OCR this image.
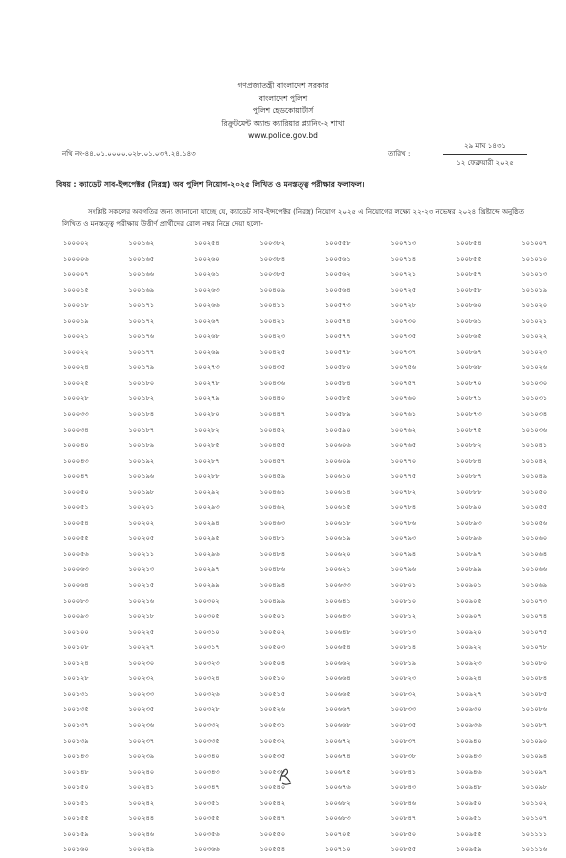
গণপ্রজাতন্ত্রী বাংলাদেশ সরকার
বাংলাদেশ পুলিশ
পুলিশ হেডকোয়ার্টার্স
রিক্রুটমেন্ট অ্যান্ড ক্যারিয়ার প্ল্যানিং-২ শাখা
www.police.gov.bd
নথি নং-৪৪.০১.০০০০.০২৮.০১.০৩৭.২৪.১৪৩	তারিখ :
২৯ মাঘ ১৪৩১
১২ ফেব্রুয়ারী ২০২৫
বিষয় : ক্যাডেট সাব-ইন্সপেক্টর (নিরস্ত্র) অব পুলিশ নিয়োগ-২০২৫ লিখিত ও মনস্তত্ত্ব পরীক্ষার ফলাফল।
সংশ্লিষ্ট সকলের অবগতির জন্য জানানো যাচ্ছে যে, ক্যাডেট সাব-ইন্সপেক্টর (নিরস্ত্র) নিয়োগ ২০২৫ এ নিয়োগের লক্ষ্যে ২২-২৩ নভেম্বর ২০২৪ খ্রিষ্টাব্দে অনুষ্ঠিত লিখিত ও মনস্তত্ত্ব পরীক্ষায় উত্তীর্ণ প্রার্থীদের রোল নম্বর নিম্নে দেয়া হলো-
১০০০০২
১০০০০৬
১০০০০৭
১০০০১৫
১০০০১৮
১০০০১৯
১০০০২১
১০০০২২
১০০০২৪
১০০০২৫
১০০০২৮
১০০০৩৩
১০০০৩৪
১০০০৪০
১০০০৪৩
১০০০৪৭
১০০০৫০
১০০০৫১
১০০০৫৪
১০০০৫৫
১০০০৫৬
১০০০৬৩
১০০০৬৪
১০০০৮৩
১০০০৯৩
১০০১০০
১০০১০৮
১০০১২৪
১০০১২৮
১০০১৩১
১০০১৩৫
১০০১৩৭
১০০১৩৯
১০০১৪৩
১০০১৪৮
১০০১৫০
১০০১৫১
১০০১৫৫
১০০১৫৯
১০০১৬০
১০০১৬২
১০০১৬৫
১০০১৬৬
১০০১৬৯
১০০১৭১
১০০১৭২
১০০১৭৬
১০০১৭৭
১০০১৭৯
১০০১৮০
১০০১৮২
১০০১৮৪
১০০১৮৭
১০০১৮৯
১০০১৯২
১০০১৯৬
১০০১৯৮
১০০২০১
১০০২০২
১০০২০৫
১০০২১১
১০০২১৩
১০০২১৫
১০০২১৬
১০০২১৮
১০০২২৫
১০০২২৭
১০০২৩০
১০০২৩২
১০০২৩৩
১০০২৩৫
১০০২৩৬
১০০২৩৭
১০০২৩৯
১০০২৪০
১০০২৪১
১০০২৪২
১০০২৪৪
১০০২৪৬
১০০২৪৯
১০০২৫৪
১০০২৬০
১০০২৬১
১০০২৬৩
১০০২৬৬
১০০২৬৭
১০০২৬৮
১০০২৬৯
১০০২৭৩
১০০২৭৮
১০০২৭৯
১০০২৮০
১০০২৮২
১০০২৮৫
১০০২৮৭
১০০২৮৮
১০০২৯২
১০০২৯৩
১০০২৯৪
১০০২৯৫
১০০২৯৬
১০০২৯৭
১০০২৯৯
১০০৩০২
১০০৩০৫
১০০৩১০
১০০৩১৭
১০০৩২৩
১০০৩২৪
১০০৩২৬
১০০৩২৮
১০০৩৩২
১০০৩৩৫
১০০৩৪০
১০০৩৪৩
১০০৩৪৭
১০০৩৫১
১০০৩৫৫
১০০৩৫৬
১০০৩৬৬
১০০৩৮২
১০০৩৮৪
১০০৩৮৫
১০০৪০৯
১০০৪১১
১০০৪২১
১০০৪২৩
১০০৪২৫
১০০৪৩৫
১০০৪৩৬
১০০৪৪০
১০০৪৪৭
১০০৪৫২
১০০৪৫৫
১০০৪৫৭
১০০৪৫৯
১০০৪৬১
১০০৪৬২
১০০৪৬৩
১০০৪৮১
১০০৪৮৪
১০০৪৮৬
১০০৪৯৪
১০০৪৯৯
১০০৫০১
১০০৫০২
১০০৫০৩
১০০৫০৪
১০০৫১০
১০০৫১৫
১০০৫২৬
১০০৫৩১
১০০৫৩২
১০০৫৩৫
১০০৫৩৮
১০০৫৪০
১০০৫৪২
১০০৫৪৭
১০০৫৫০
১০০৫৫৪
১০০৫৫৮
১০০৫৬১
১০০৫৬২
১০০৫৬৪
১০০৫৭৩
১০০৫৭৪
১০০৫৭৭
১০০৫৭৮
১০০৫৮০
১০০৫৮৪
১০০৫৮৫
১০০৫৮৯
১০০৫৯০
১০০৬০৬
১০০৬০৯
১০০৬১০
১০০৬১৪
১০০৬১৫
১০০৬১৮
১০০৬১৯
১০০৬২০
১০০৬২১
১০০৬৩৩
১০০৬৪১
১০০৬৪৩
১০০৬৪৮
১০০৬৫৪
১০০৬৬২
১০০৬৬৪
১০০৬৬৫
১০০৬৬৭
১০০৬৬৮
১০০৬৭২
১০০৬৭৪
১০০৬৭৫
১০০৬৭৬
১০০৬৮২
১০০৬৮৩
১০০৭০৫
১০০৭১০
১০০৭১৩
১০০৭১৪
১০০৭২১
১০০৭২৫
১০০৭২৮
১০০৭৩০
১০০৭৩৫
১০০৭৩৭
১০০৭৫৬
১০০৭৫৭
১০০৭৬০
১০০৭৬১
১০০৭৬২
১০০৭৬৫
১০০৭৭০
১০০৭৭৫
১০০৭৮২
১০০৭৮৪
১০০৭৮৬
১০০৭৯৩
১০০৭৯৪
১০০৭৯৬
১০০৮০১
১০০৮১০
১০০৮১২
১০০৮১৩
১০০৮১৪
১০০৮১৯
১০০৮২৩
১০০৮৩২
১০০৮৩৩
১০০৮৩৫
১০০৮৩৭
১০০৮৩৮
১০০৮৪১
১০০৮৪৩
১০০৮৪৬
১০০৮৪৭
১০০৮৫০
১০০৮৫৫
১০০৮৫৪
১০০৮৫৫
১০০৮৫৭
১০০৮৫৮
১০০৮৬০
১০০৮৬১
১০০৮৬৫
১০০৮৬৭
১০০৮৬৮
১০০৮৭০
১০০৮৭১
১০০৮৭৩
১০০৮৭৫
১০০৮৮২
১০০৮৮৪
১০০৮৮৭
১০০৮৮৮
১০০৮৯০
১০০৮৯৩
১০০৮৯৬
১০০৮৯৭
১০০৮৯৯
১০০৯০১
১০০৯০৫
১০০৯০৭
১০০৯২০
১০০৯২২
১০০৯২৩
১০০৯২৪
১০০৯২৭
১০০৯৩০
১০০৯৩৬
১০০৯৪০
১০০৯৪৩
১০০৯৪৬
১০০৯৪৮
১০০৯৫০
১০০৯৫১
১০০৯৫৫
১০০৯৫৯
১০১০০৭
১০১০১০
১০১০১৩
১০১০১৯
১০১০২০
১০১০২১
১০১০২২
১০১০২৩
১০১০২৬
১০১০৩০
১০১০৩১
১০১০৩৪
১০১০৩৬
১০১০৪১
১০১০৪২
১০১০৪৯
১০১০৫০
১০১০৫৫
১০১০৫৬
১০১০৬০
১০১০৬৪
১০১০৬৬
১০১০৬৯
১০১০৭৩
১০১০৭৪
১০১০৭৫
১০১০৭৮
১০১০৮০
১০১০৮৪
১০১০৮৫
১০১০৮৬
১০১০৮৭
১০১০৯০
১০১০৯৪
১০১০৯৭
১০১০৯৮
১০১১০২
১০১১০৭
১০১১১১
১০১১১৬
